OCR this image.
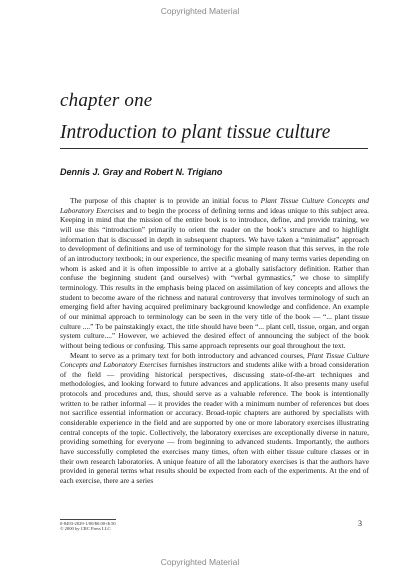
Copyrighted Material
chapter one
Introduction to plant tissue culture
Dennis J. Gray and Robert N. Trigiano

The purpose of this chapter is to provide an initial focus to Plant Tissue Culture Concepts and Laboratory Exercises and to begin the process of defining terms and ideas unique to this subject area. Keeping in mind that the mission of the entire book is to introduce, define, and provide training, we will use this “introduction” primarily to orient the reader on the book’s structure and to highlight information that is discussed in depth in subsequent chapters. We have taken a “minimalist” approach to development of definitions and use of terminology for the simple reason that this serves, in the role of an introductory textbook; in our experience, the specific meaning of many terms varies depending on whom is asked and it is often impossible to arrive at a globally satisfactory definition. Rather than confuse the beginning student (and ourselves) with “verbal gymnastics,” we chose to simplify terminology. This results in the emphasis being placed on assimilation of key concepts and allows the student to become aware of the richness and natural controversy that involves terminology of such an emerging field after having acquired preliminary background knowledge and confidence. An example of our minimal approach to terminology can be seen in the very title of the book — “... plant tissue culture ....” To be painstakingly exact, the title should have been “... plant cell, tissue, organ, and organ system culture....” However, we achieved the desired effect of announcing the subject of the book without being tedious or confusing. This same approach represents our goal throughout the text.

Meant to serve as a primary text for both introductory and advanced courses, Plant Tissue Culture Concepts and Laboratory Exercises furnishes instructors and students alike with a broad consideration of the field — providing historical perspectives, discussing state-of-the-art techniques and methodologies, and looking forward to future advances and applications. It also presents many useful protocols and procedures and, thus, should serve as a valuable reference. The book is intentionally written to be rather informal — it provides the reader with a minimum number of references but does not sacrifice essential information or accuracy. Broad-topic chapters are authored by specialists with considerable experience in the field and are supported by one or more laboratory exercises illustrating central concepts of the topic. Collectively, the laboratory exercises are exceptionally diverse in nature, providing something for everyone — from beginning to advanced students. Importantly, the authors have successfully completed the exercises many times, often with either tissue culture classes or in their own research laboratories. A unique feature of all the laboratory exercises is that the authors have provided in general terms what results should be expected from each of the experiments. At the end of each exercise, there are a series

0-8493-2029-1/00/$0.00+$.50
© 2000 by CRC Press LLC
3
Copyrighted Material
